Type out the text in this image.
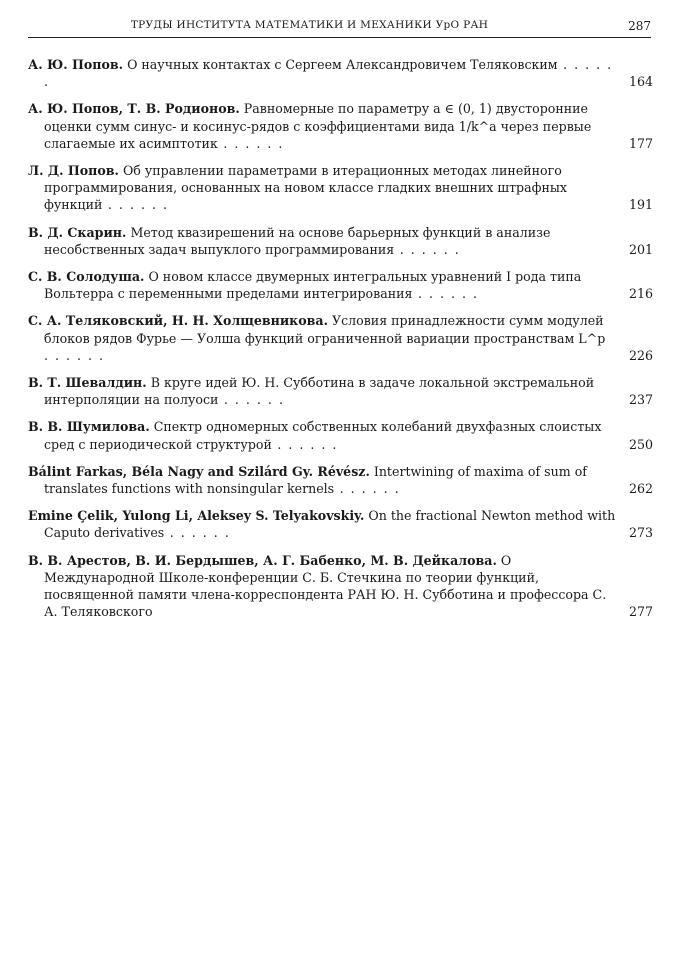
ТРУДЫ ИНСТИТУТА МАТЕМАТИКИ И МЕХАНИКИ УрО РАН	287
А. Ю. Попов. О научных контактах с Сергеем Александровичем Теляковским . . . . . .	164
А. Ю. Попов, Т. В. Родионов. Равномерные по параметру a ∈ (0, 1) двусторонние оценки сумм синус- и косинус-рядов с коэффициентами вида 1/k^a через первые слагаемые их асимптотик . . . . . .	177
Л. Д. Попов. Об управлении параметрами в итерационных методах линейного программирования, основанных на новом классе гладких внешних штрафных функций . . . . . .	191
В. Д. Скарин. Метод квазирешений на основе барьерных функций в анализе несобственных задач выпуклого программирования . . . . . .	201
С. В. Солодуша. О новом классе двумерных интегральных уравнений I рода типа Вольтерра с переменными пределами интегрирования . . . . . .	216
С. А. Теляковский, Н. Н. Холщевникова. Условия принадлежности сумм модулей блоков рядов Фурье — Уолша функций ограниченной вариации пространствам L^p . . . . . .	226
В. Т. Шевалдин. В круге идей Ю. Н. Субботина в задаче локальной экстремальной интерполяции на полуоси . . . . . .	237
В. В. Шумилова. Спектр одномерных собственных колебаний двухфазных слоистых сред с периодической структурой . . . . . .	250
Bálint Farkas, Béla Nagy and Szilárd Gy. Révész. Intertwining of maxima of sum of translates functions with nonsingular kernels . . . . . .	262
Emine Çelik, Yulong Li, Aleksey S. Telyakovskiy. On the fractional Newton method with Caputo derivatives . . . . . .	273
В. В. Арестов, В. И. Бердышев, А. Г. Бабенко, М. В. Дейкалова. О Международной Школе-конференции С. Б. Стечкина по теории функций, посвященной памяти члена-корреспондента РАН Ю. Н. Субботина и профессора С. А. Теляковского	277
